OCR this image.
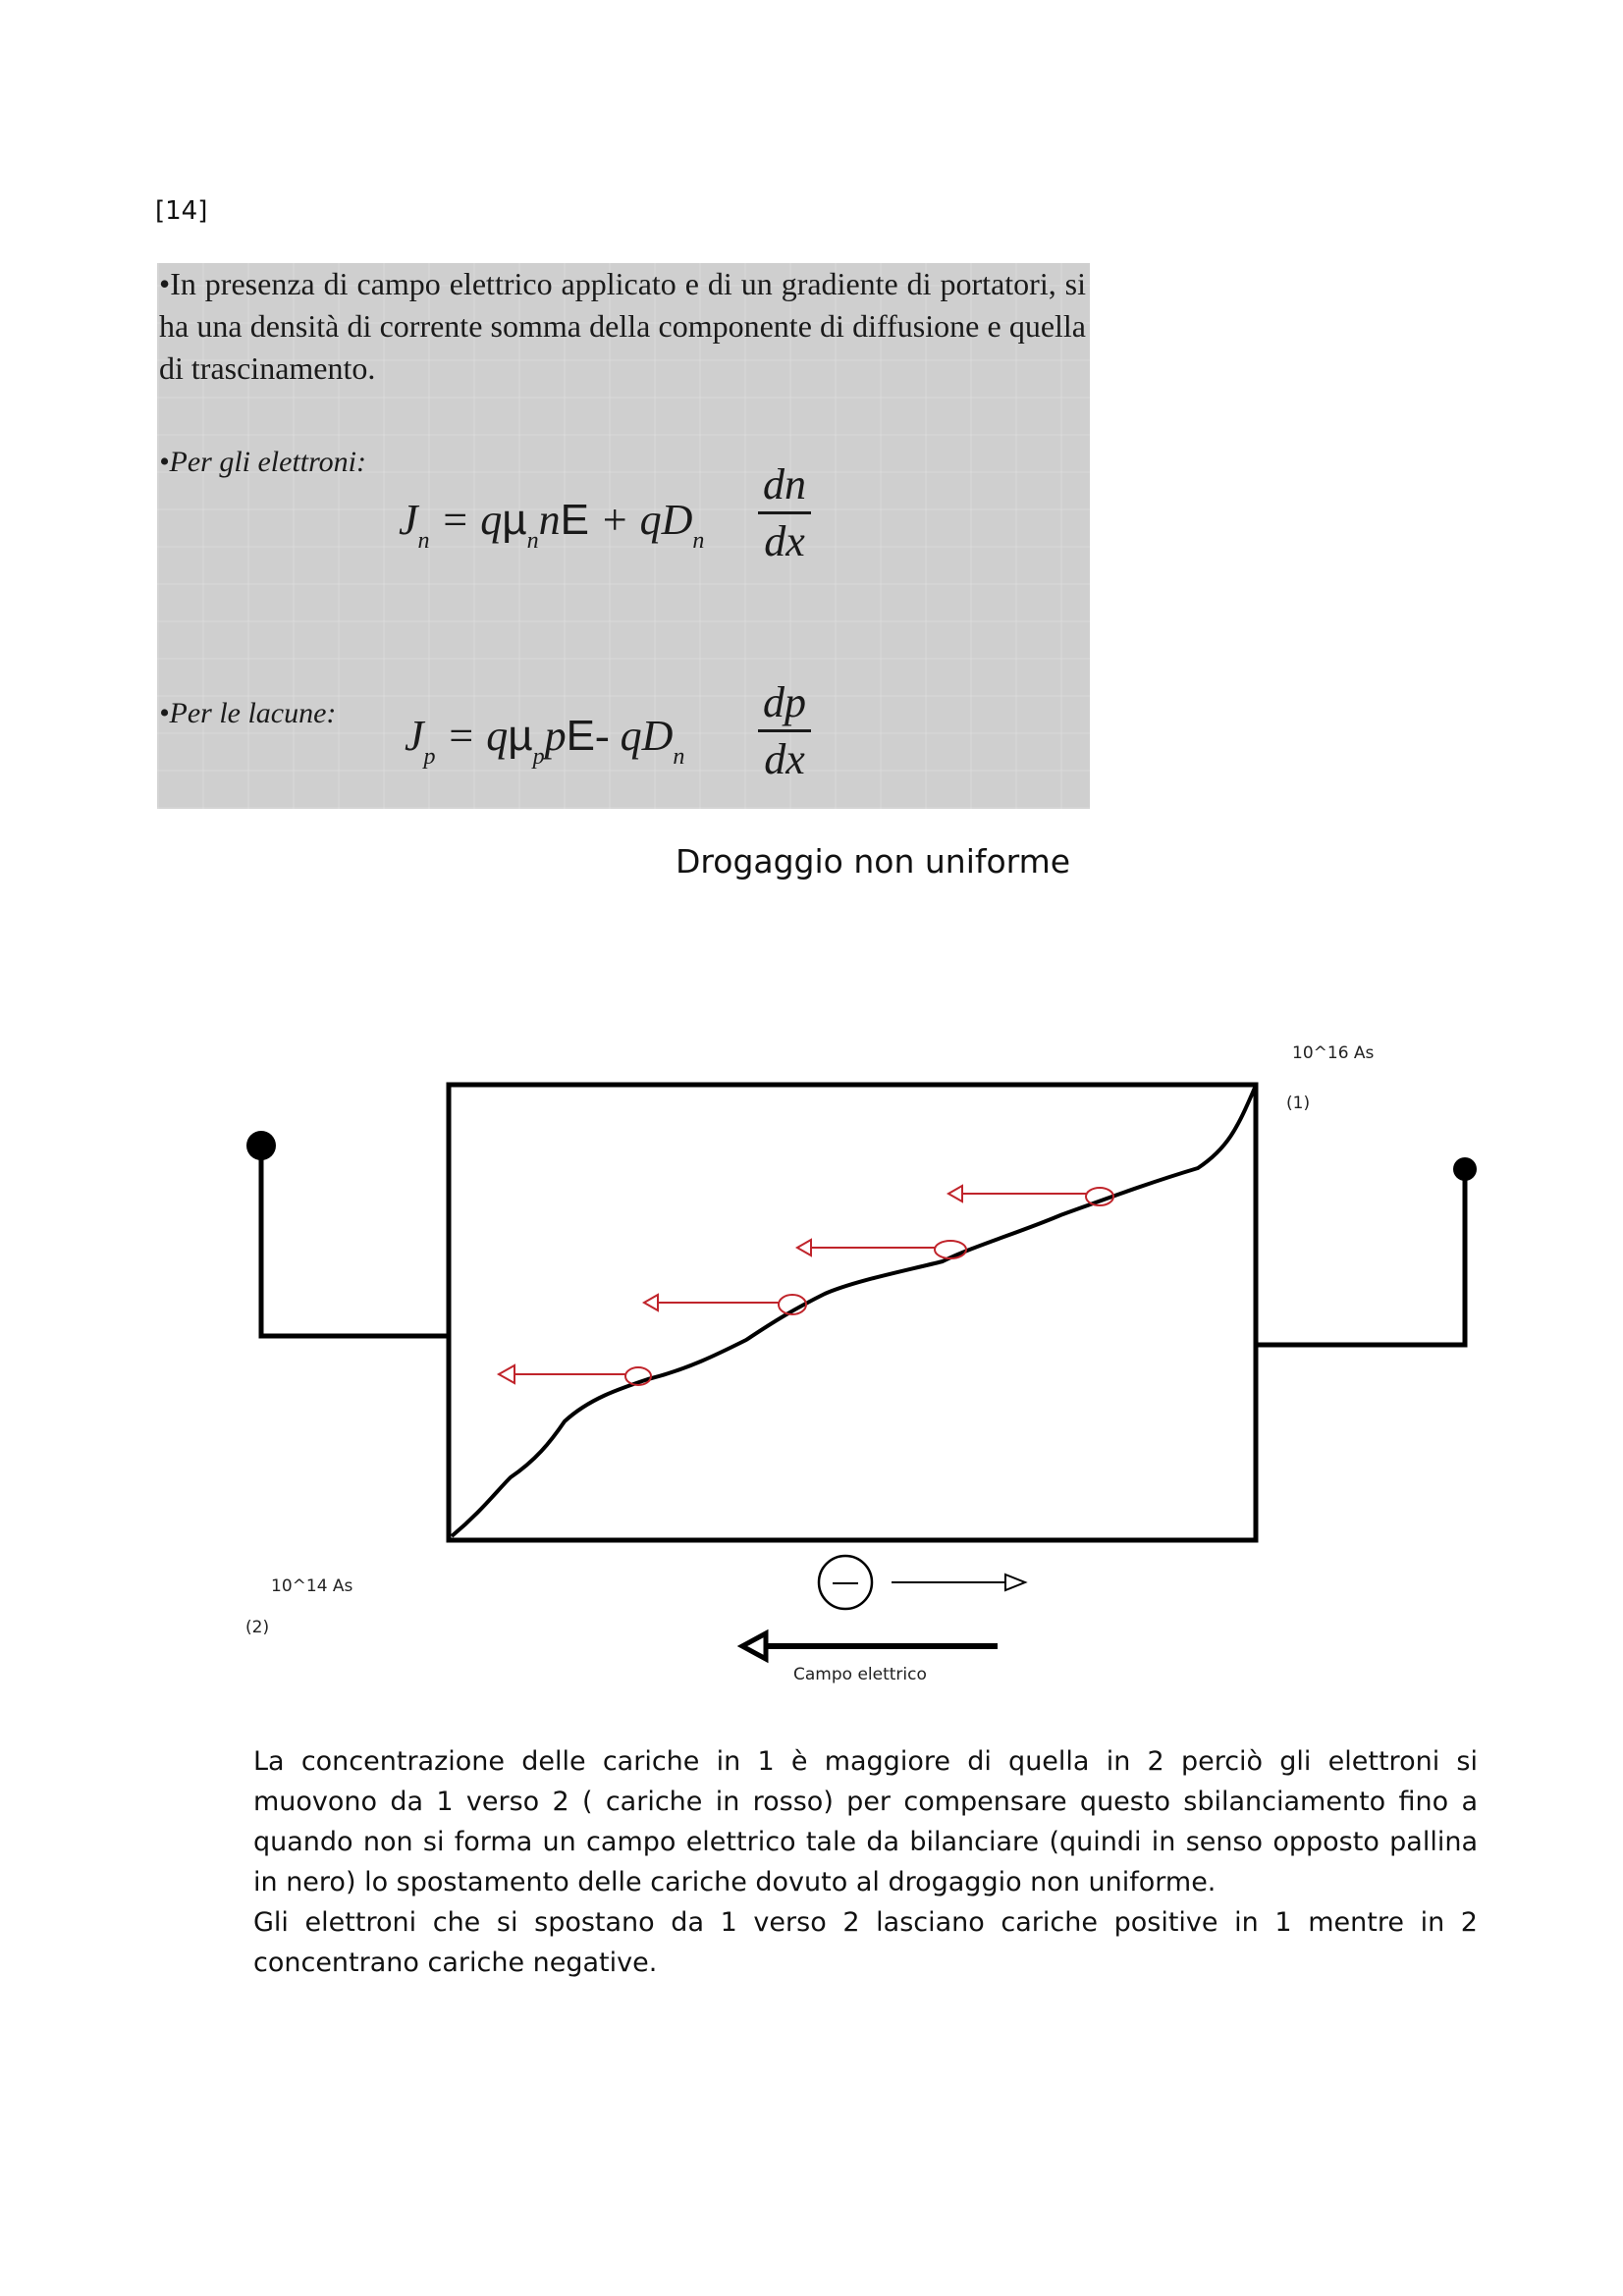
[14]

•In presenza di campo elettrico applicato e di un gradiente di portatori, si ha una densità di corrente somma della componente di diffusione e quella di trascinamento.

•Per gli elettroni:
$J_n = q\mu_nnE + qD_n$
dn
dx
•Per le lacune: $J_p = q\mu_ppE-$ $qD_n$
dp
dx
Drogaggio non uniforme
10^16 As
(1)
10^14 As
(2)
Campo elettrico

La concentrazione delle cariche in 1 è maggiore di quella in 2 perciò gli elettroni si muovono da 1 verso 2 ( cariche in rosso) per compensare questo sbilanciamento fino a quando non si forma un campo elettrico tale da bilanciare (quindi in senso opposto pallina in nero) lo spostamento delle cariche dovuto al drogaggio non uniforme.
Gli elettroni che si spostano da 1 verso 2 lasciano cariche positive in 1 mentre in 2 concentrano cariche negative.
